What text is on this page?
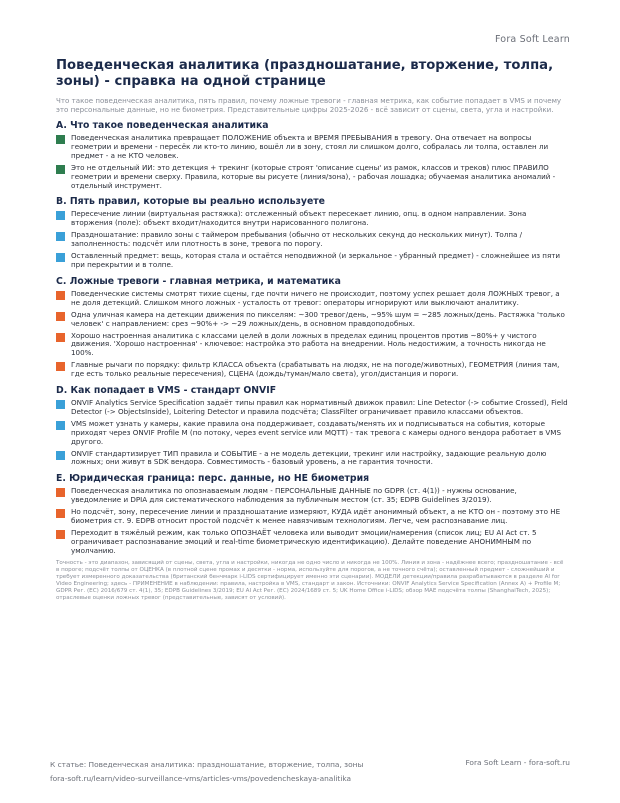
Fora Soft Learn
Поведенческая аналитика (праздношатание, вторжение, толпа, зоны) - справка на одной странице

Что такое поведенческая аналитика, пять правил, почему ложные тревоги - главная метрика, как событие попадает в VMS и почему это персональные данные, но не биометрия. Представительные цифры 2025-2026 - всё зависит от сцены, света, угла и настройки.

A. Что такое поведенческая аналитика
Поведенческая аналитика превращает ПОЛОЖЕНИЕ объекта и ВРЕМЯ ПРЕБЫВАНИЯ в тревогу. Она отвечает на вопросы геометрии и времени - пересёк ли кто-то линию, вошёл ли в зону, стоял ли слишком долго, собралась ли толпа, оставлен ли предмет - а не КТО человек.
Это не отдельный ИИ: это детекция + трекинг (которые строят 'описание сцены' из рамок, классов и треков) плюс ПРАВИЛО геометрии и времени сверху. Правила, которые вы рисуете (линия/зона), - рабочая лошадка; обучаемая аналитика аномалий - отдельный инструмент.
B. Пять правил, которые вы реально используете
Пересечение линии (виртуальная растяжка): отслеженный объект пересекает линию, опц. в одном направлении. Зона вторжения (поле): объект входит/находится внутри нарисованного полигона.
Праздношатание: правило зоны с таймером пребывания (обычно от нескольких секунд до нескольких минут). Толпа / заполненность: подсчёт или плотность в зоне, тревога по порогу.
Оставленный предмет: вещь, которая стала и остаётся неподвижной (и зеркальное - убранный предмет) - сложнейшее из пяти при перекрытии и в толпе.
C. Ложные тревоги - главная метрика, и математика
Поведенческие системы смотрят тихие сцены, где почти ничего не происходит, поэтому успех решает доля ЛОЖНЫХ тревог, а не доля детекций. Слишком много ложных - усталость от тревог: операторы игнорируют или выключают аналитику.
Одна уличная камера на детекции движения по пикселям: ~300 тревог/день, ~95% шум = ~285 ложных/день. Растяжка 'только человек' с направлением: срез ~90%+ -> ~29 ложных/день, в основном правдоподобных.
Хорошо настроенная аналитика с классами целей в доли ложных в пределах единиц процентов против ~80%+ у чистого движения. 'Хорошо настроенная' - ключевое: настройка это работа на внедрении. Ноль недостижим, а точность никогда не 100%.
Главные рычаги по порядку: фильтр КЛАССА объекта (срабатывать на людях, не на погоде/животных), ГЕОМЕТРИЯ (линия там, где есть только реальные пересечения), СЦЕНА (дождь/туман/мало света), угол/дистанция и пороги.
D. Как попадает в VMS - стандарт ONVIF
ONVIF Analytics Service Specification задаёт типы правил как нормативный движок правил: Line Detector (-> событие Crossed), Field Detector (-> ObjectsInside), Loitering Detector и правила подсчёта; ClassFilter ограничивает правило классами объектов.
VMS может узнать у камеры, какие правила она поддерживает, создавать/менять их и подписываться на события, которые приходят через ONVIF Profile M (по потоку, через event service или MQTT) - так тревога с камеры одного вендора работает в VMS другого.
ONVIF стандартизирует ТИП правила и СОБЫТИЕ - а не модель детекции, трекинг или настройку, задающие реальную долю ложных; они живут в SDK вендора. Совместимость - базовый уровень, а не гарантия точности.
E. Юридическая граница: перс. данные, но НЕ биометрия
Поведенческая аналитика по опознаваемым людям - ПЕРСОНАЛЬНЫЕ ДАННЫЕ по GDPR (ст. 4(1)) - нужны основание, уведомление и DPIA для систематического наблюдения за публичным местом (ст. 35; EDPB Guidelines 3/2019).
Но подсчёт, зону, пересечение линии и праздношатание измеряют, КУДА идёт анонимный объект, а не КТО он - поэтому это НЕ биометрия ст. 9. EDPB относит простой подсчёт к менее навязчивым технологиям. Легче, чем распознавание лиц.
Переходит в тяжёлый режим, как только ОПОЗНАЁТ человека или выводит эмоции/намерения (список лиц; EU AI Act ст. 5 ограничивает распознавание эмоций и real-time биометрическую идентификацию). Делайте поведение АНОНИМНЫМ по умолчанию.

Точность - это диапазон, зависящий от сцены, света, угла и настройки, никогда не одно число и никогда не 100%. Линия и зона - надёжнее всего; праздношатание - всё в пороге; подсчёт толпы от ОЦЕНКА (в плотной сцене промах и десятки - норма, используйте для порогов, а не точного счёта); оставленный предмет - сложнейший и требует измеренного доказательства (британский бенчмарк i-LIDS сертифицирует именно эти сценарии). МОДЕЛИ детекции/правила разрабатываются в разделе AI for Video Engineering; здесь - ПРИМЕНЕНИЕ в наблюдении: правила, настройка в VMS, стандарт и закон. Источники: ONVIF Analytics Service Specification (Annex A) + Profile M; GDPR Рег. (EC) 2016/679 ст. 4(1), 35; EDPB Guidelines 3/2019; EU AI Act Рег. (EC) 2024/1689 ст. 5; UK Home Office i-LIDS; обзор MAE подсчёта толпы (ShanghaiTech, 2025); отраслевые оценки ложных тревог (представительные, зависят от условий).

К статье: Поведенческая аналитика: праздношатание, вторжение, толпа, зоны
fora-soft.ru/learn/video-surveillance-vms/articles-vms/povedencheskaya-analitika
Fora Soft Learn - fora-soft.ru
